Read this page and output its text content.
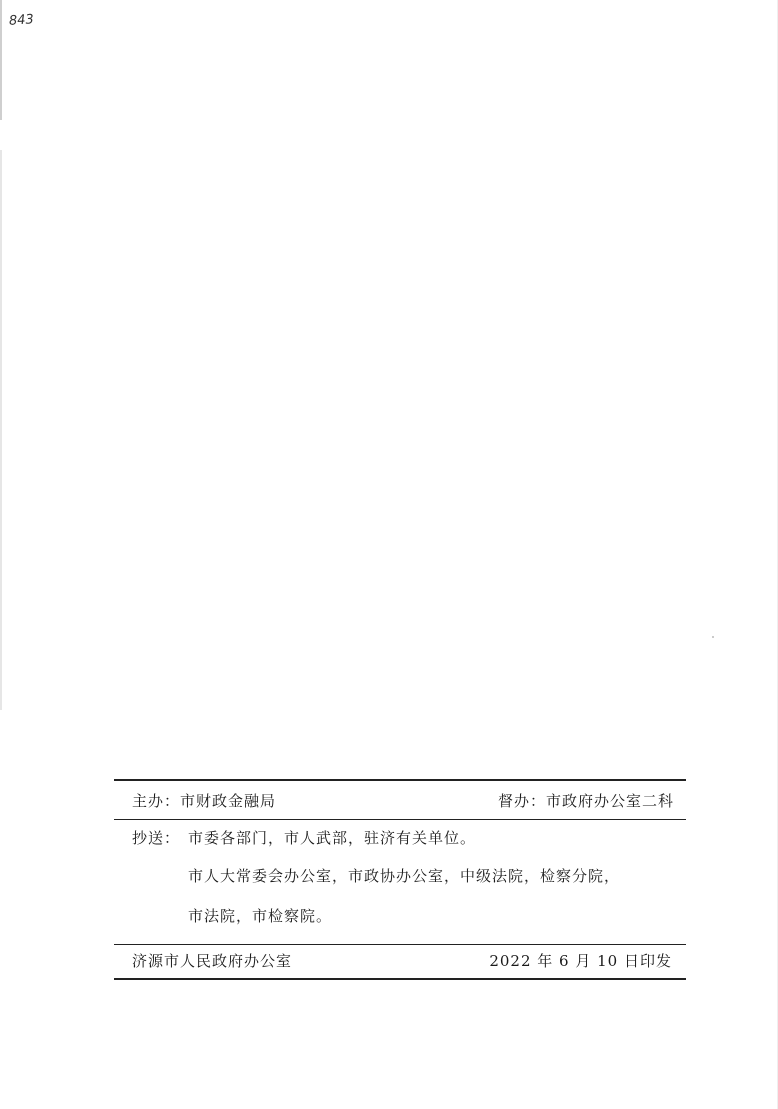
843
主办：市财政金融局	督办：市政府办公室二科
抄送： 市委各部门，市人武部，驻济有关单位。
市人大常委会办公室，市政协办公室，中级法院，检察分院，
市法院，市检察院。
济源市人民政府办公室	2022 年 6 月 10 日印发
